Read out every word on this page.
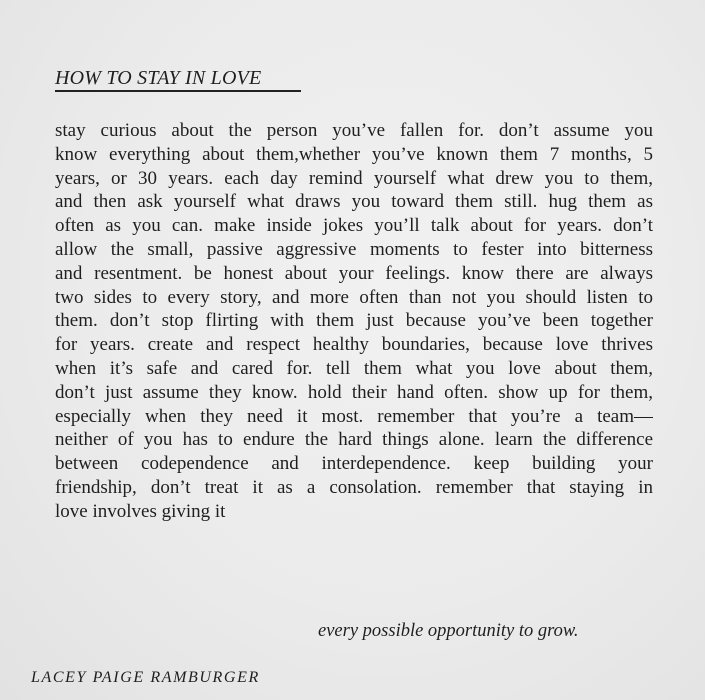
HOW TO STAY IN LOVE
stay curious about the person you’ve fallen for. don’t assume you
know everything about them,whether you’ve known them 7 months, 5
years, or 30 years. each day remind yourself what drew you to them,
and then ask yourself what draws you toward them still. hug them as
often as you can. make inside jokes you’ll talk about for years. don’t
allow the small, passive aggressive moments to fester into bitterness
and resentment. be honest about your feelings. know there are always
two sides to every story, and more often than not you should listen to
them. don’t stop flirting with them just because you’ve been together
for years. create and respect healthy boundaries, because love thrives
when it’s safe and cared for. tell them what you love about them,
don’t just assume they know. hold their hand often. show up for them,
especially when they need it most. remember that you’re a team—
neither of you has to endure the hard things alone. learn the difference
between codependence and interdependence. keep building your
friendship, don’t treat it as a consolation. remember that staying in
love involves giving it
every possible opportunity to grow.
LACEY PAIGE RAMBURGER
